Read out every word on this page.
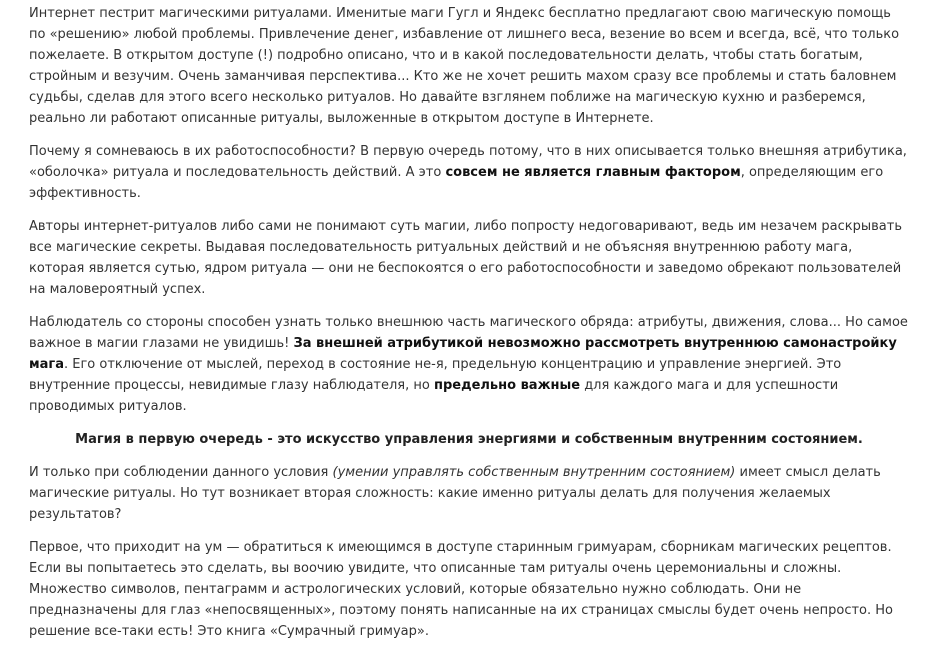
Интернет пестрит магическими ритуалами. Именитые маги Гугл и Яндекс бесплатно предлагают свою магическую помощь по «решению» любой проблемы. Привлечение денег, избавление от лишнего веса, везение во всем и всегда, всё, что только пожелаете. В открытом доступе (!) подробно описано, что и в какой последовательности делать, чтобы стать богатым, стройным и везучим. Очень заманчивая перспектива... Кто же не хочет решить махом сразу все проблемы и стать баловнем судьбы, сделав для этого всего несколько ритуалов. Но давайте взглянем поближе на магическую кухню и разберемся, реально ли работают описанные ритуалы, выложенные в открытом доступе в Интернете.

Почему я сомневаюсь в их работоспособности? В первую очередь потому, что в них описывается только внешняя атрибутика, «оболочка» ритуала и последовательность действий. А это совсем не является главным фактором, определяющим его эффективность.

Авторы интернет-ритуалов либо сами не понимают суть магии, либо попросту недоговаривают, ведь им незачем раскрывать все магические секреты. Выдавая последовательность ритуальных действий и не объясняя внутреннюю работу мага, которая является сутью, ядром ритуала — они не беспокоятся о его работоспособности и заведомо обрекают пользователей на маловероятный успех.

Наблюдатель со стороны способен узнать только внешнюю часть магического обряда: атрибуты, движения, слова... Но самое важное в магии глазами не увидишь! За внешней атрибутикой невозможно рассмотреть внутреннюю самонастройку мага. Его отключение от мыслей, переход в состояние не-я, предельную концентрацию и управление энергией. Это внутренние процессы, невидимые глазу наблюдателя, но предельно важные для каждого мага и для успешности проводимых ритуалов.

Магия в первую очередь - это искусство управления энергиями и собственным внутренним состоянием.

И только при соблюдении данного условия (умении управлять собственным внутренним состоянием) имеет смысл делать магические ритуалы. Но тут возникает вторая сложность: какие именно ритуалы делать для получения желаемых результатов?

Первое, что приходит на ум — обратиться к имеющимся в доступе старинным гримуарам, сборникам магических рецептов. Если вы попытаетесь это сделать, вы воочию увидите, что описанные там ритуалы очень церемониальны и сложны. Множество символов, пентаграмм и астрологических условий, которые обязательно нужно соблюдать. Они не предназначены для глаз «непосвященных», поэтому понять написанные на их страницах смыслы будет очень непросто. Но решение все-таки есть! Это книга «Сумрачный гримуар».
